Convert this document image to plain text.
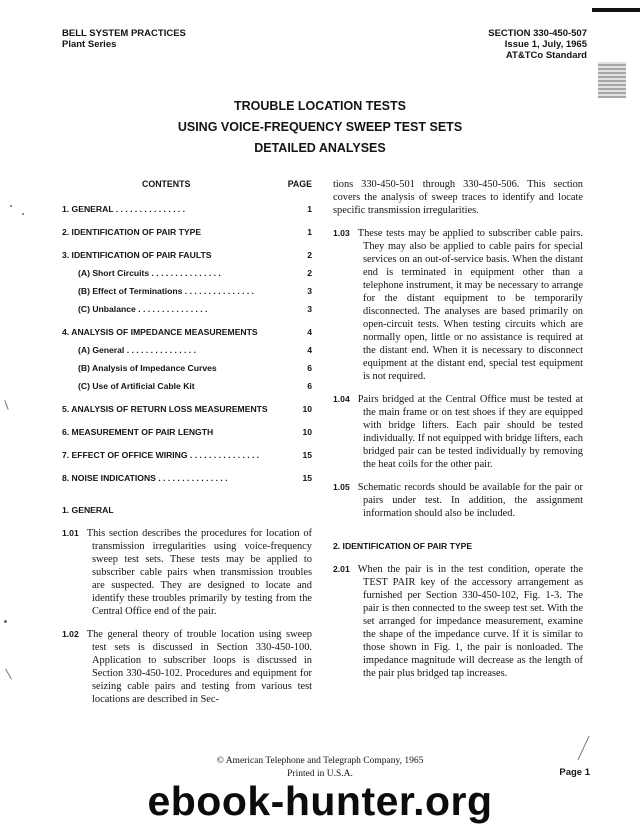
BELL SYSTEM PRACTICES
Plant Series
SECTION 330-450-507
Issue 1, July, 1965
AT&TCo Standard
TROUBLE LOCATION TESTS
USING VOICE-FREQUENCY SWEEP TEST SETS
DETAILED ANALYSES
CONTENTS	PAGE
1. GENERAL . . .	1
2. IDENTIFICATION OF PAIR TYPE	1
3. IDENTIFICATION OF PAIR FAULTS	2
(A) Short Circuits . . .	2
(B) Effect of Terminations . . .	3
(C) Unbalance . . .	3
4. ANALYSIS OF IMPEDANCE MEASUREMENTS	4
(A) General . . .	4
(B) Analysis of Impedance Curves	6
(C) Use of Artificial Cable Kit	6
5. ANALYSIS OF RETURN LOSS MEASUREMENTS	10
6. MEASUREMENT OF PAIR LENGTH	10
7. EFFECT OF OFFICE WIRING . . .	15
8. NOISE INDICATIONS . . .	15
1. GENERAL

1.01 This section describes the procedures for location of transmission irregularities using voice-frequency sweep test sets. These tests may be applied to subscriber cable pairs when transmission troubles are suspected. They are designed to locate and identify these troubles primarily by testing from the Central Office end of the pair.

1.02 The general theory of trouble location using sweep test sets is discussed in Section 330-450-100. Application to subscriber loops is discussed in Section 330-450-102. Procedures and equipment for seizing cable pairs and testing from various test locations are described in Sec-

tions 330-450-501 through 330-450-506. This section covers the analysis of sweep traces to identify and locate specific transmission irregularities.

1.03 These tests may be applied to subscriber cable pairs. They may also be applied to cable pairs for special services on an out-of-service basis. When the distant end is terminated in equipment other than a telephone instrument, it may be necessary to arrange for the distant equipment to be temporarily disconnected. The analyses are based primarily on open-circuit tests. When testing circuits which are normally open, little or no assistance is required at the distant end. When it is necessary to disconnect equipment at the distant end, special test equipment is not required.

1.04 Pairs bridged at the Central Office must be tested at the main frame or on test shoes if they are equipped with bridge lifters. Each pair should be tested individually. If not equipped with bridge lifters, each bridged pair can be tested individually by removing the heat coils for the other pair.

1.05 Schematic records should be available for the pair or pairs under test. In addition, the assignment information should also be included.

2. IDENTIFICATION OF PAIR TYPE

2.01 When the pair is in the test condition, operate the TEST PAIR key of the accessory arrangement as furnished per Section 330-450-102, Fig. 1-3. The pair is then connected to the sweep test set. With the set arranged for impedance measurement, examine the shape of the impedance curve. If it is similar to those shown in Fig. 1, the pair is nonloaded. The impedance magnitude will decrease as the length of the pair plus bridged tap increases.

© American Telephone and Telegraph Company, 1965
Printed in U.S.A.	Page 1
ebook-hunter.org
